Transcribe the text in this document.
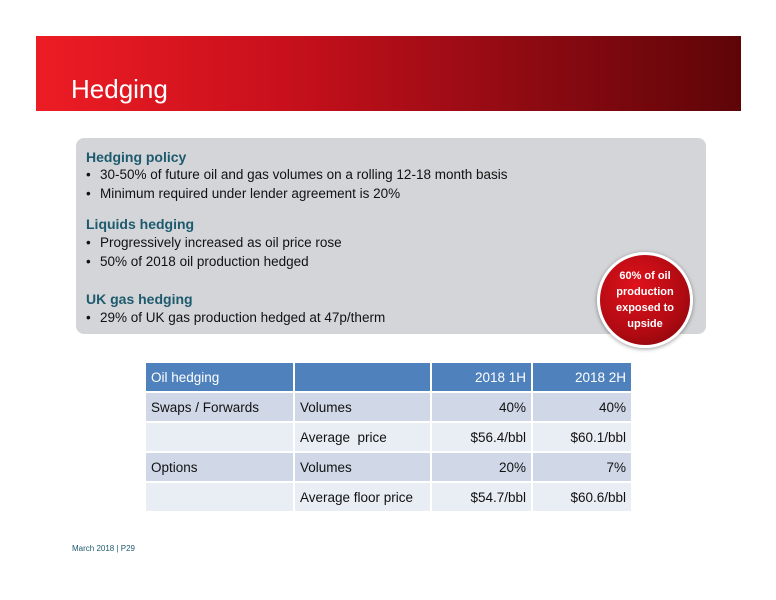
Hedging
Hedging policy
• 30-50% of future oil and gas volumes on a rolling 12-18 month basis
• Minimum required under lender agreement is 20%
Liquids hedging
• Progressively increased as oil price rose
• 50% of 2018 oil production hedged
UK gas hedging
• 29% of UK gas production hedged at 47p/therm
60% of oil production exposed to upside
Oil hedging		2018 1H	2018 2H
Swaps / Forwards	Volumes	40%	40%
	Average  price	$56.4/bbl	$60.1/bbl
Options	Volumes	20%	7%
	Average floor price	$54.7/bbl	$60.6/bbl
March 2018 | P29
